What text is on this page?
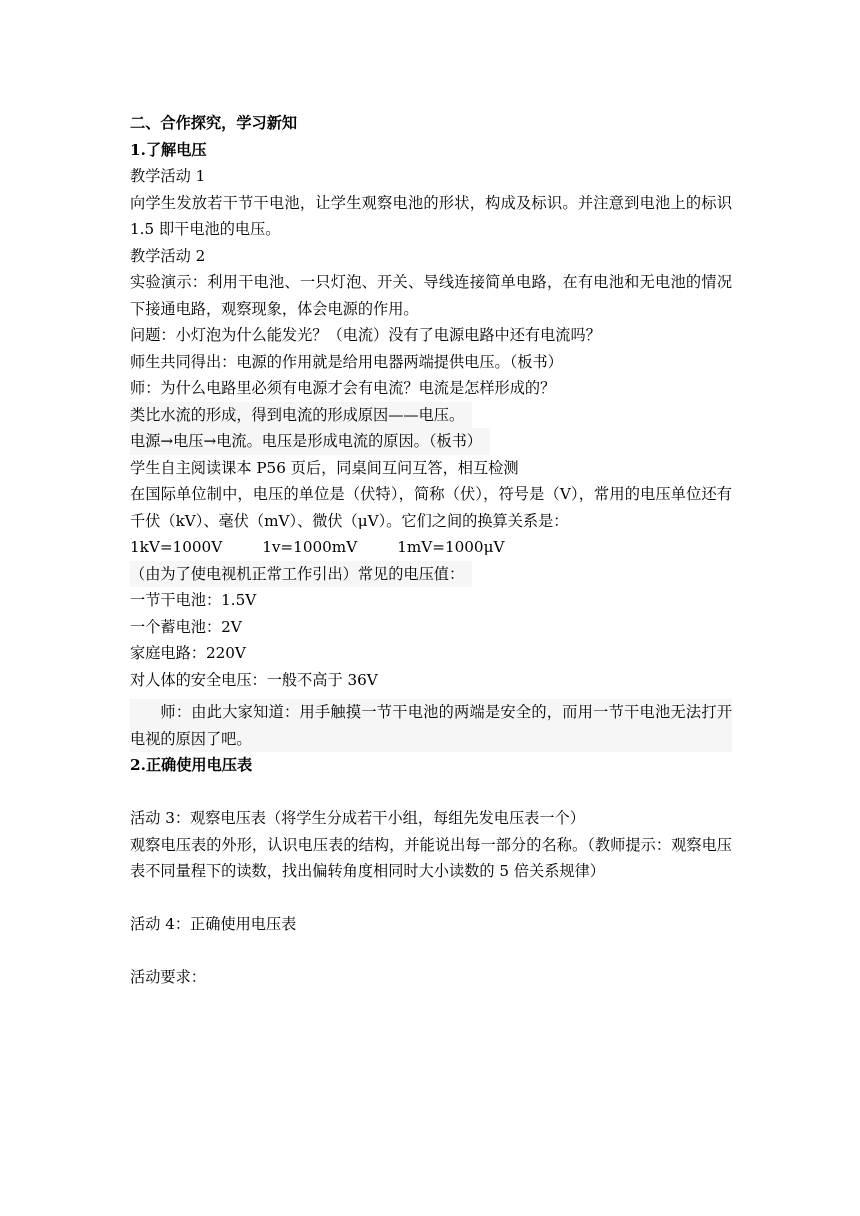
二、合作探究，学习新知
1.了解电压
教学活动 1
向学生发放若干节干电池，让学生观察电池的形状，构成及标识。并注意到电池上的标识 1.5 即干电池的电压。
教学活动 2
实验演示：利用干电池、一只灯泡、开关、导线连接简单电路，在有电池和无电池的情况下接通电路，观察现象，体会电源的作用。
问题：小灯泡为什么能发光？（电流）没有了电源电路中还有电流吗？
师生共同得出：电源的作用就是给用电器两端提供电压。（板书）
师：为什么电路里必须有电源才会有电流？电流是怎样形成的？
类比水流的形成，得到电流的形成原因——电压。
电源→电压→电流。电压是形成电流的原因。（板书）
学生自主阅读课本 P56 页后，同桌间互问互答，相互检测
在国际单位制中，电压的单位是（伏特），简称（伏），符号是（V），常用的电压单位还有千伏（kV）、毫伏（mV）、微伏（μV）。它们之间的换算关系是：
1kV=1000V	1v=1000mV	1mV=1000μV
（由为了使电视机正常工作引出）常见的电压值：
一节干电池：1.5V
一个蓄电池：2V
家庭电路：220V
对人体的安全电压：一般不高于 36V
师：由此大家知道：用手触摸一节干电池的两端是安全的，而用一节干电池无法打开电视的原因了吧。
2.正确使用电压表
活动 3：观察电压表（将学生分成若干小组，每组先发电压表一个）
观察电压表的外形，认识电压表的结构，并能说出每一部分的名称。（教师提示：观察电压表不同量程下的读数，找出偏转角度相同时大小读数的 5 倍关系规律）
活动 4：正确使用电压表
活动要求：
